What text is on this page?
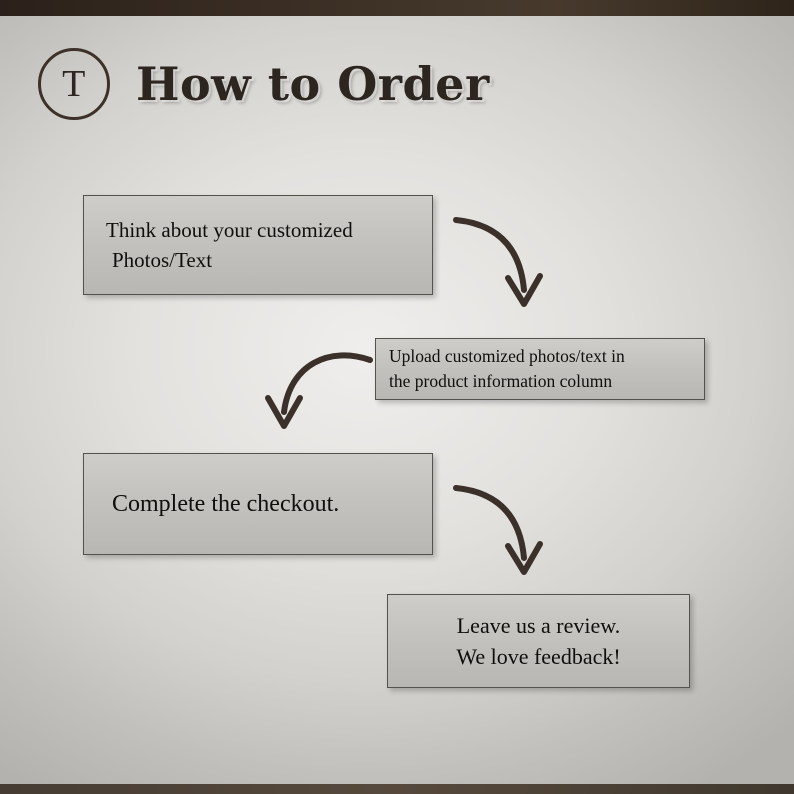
T How to Order
Think about your customized
Photos/Text
Upload customized photos/text in
the product information column
Complete the checkout.
Leave us a review.
We love feedback!
